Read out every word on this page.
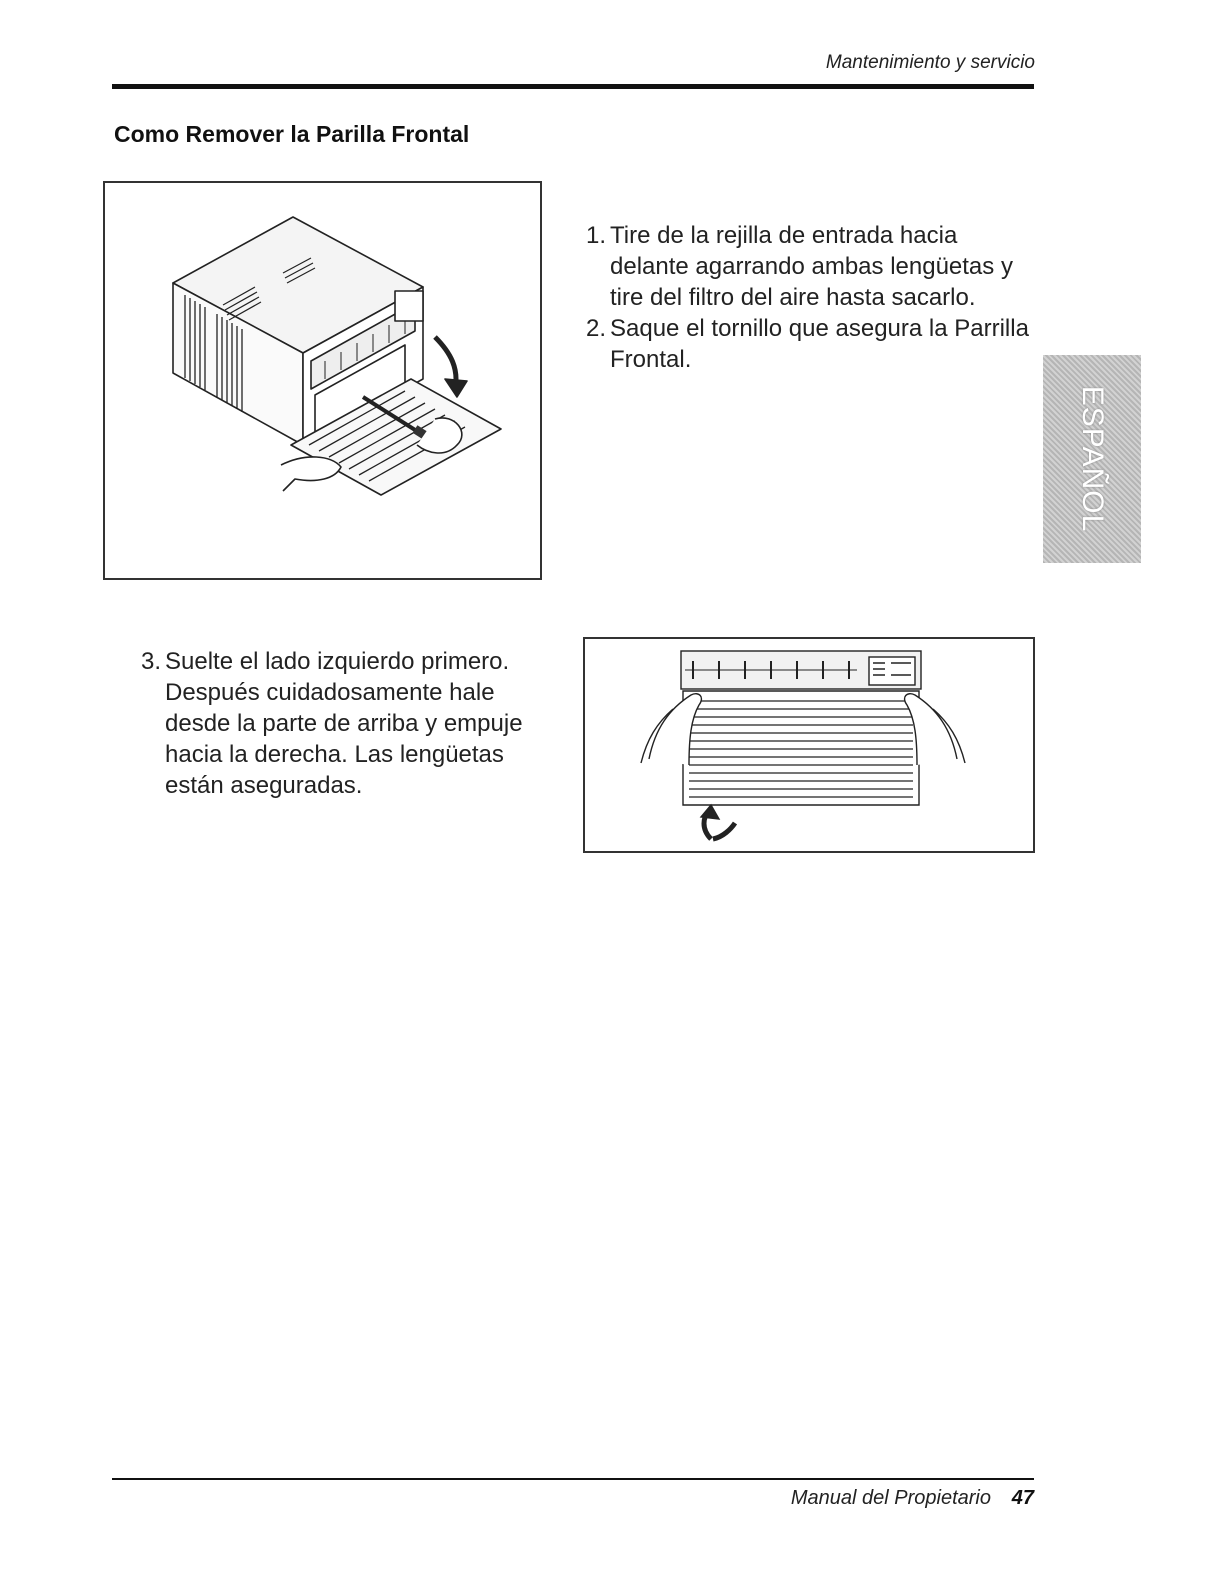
Mantenimiento y servicio
Como Remover la Parilla Frontal
1. Tire de la rejilla de entrada hacia delante agarrando ambas lengüetas y tire del filtro del aire hasta sacarlo.
2. Saque el tornillo que asegura la Parrilla Frontal.
ESPAÑOL
3. Suelte el lado izquierdo primero. Después cuidadosamente hale desde la parte de arriba y empuje hacia la derecha. Las lengüetas están aseguradas.
Manual del Propietario 47
